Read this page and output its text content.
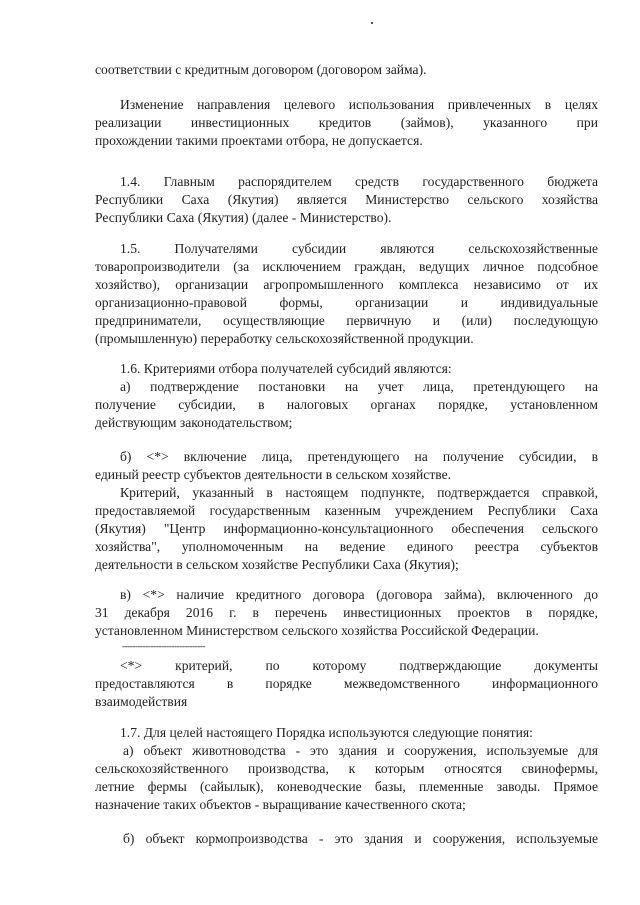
соответствии с кредитным договором (договором займа).
Изменение направления целевого использования привлеченных в целях
реализации инвестиционных кредитов (займов), указанного при
прохождении такими проектами отбора, не допускается.
1.4. Главным распорядителем средств государственного бюджета
Республики Саха (Якутия) является Министерство сельского хозяйства
Республики Саха (Якутия) (далее - Министерство).
1.5. Получателями субсидии являются сельскохозяйственные
товаропроизводители (за исключением граждан, ведущих личное подсобное
хозяйство), организации агропромышленного комплекса независимо от их
организационно-правовой формы, организации и индивидуальные
предприниматели, осуществляющие первичную и (или) последующую
(промышленную) переработку сельскохозяйственной продукции.
1.6. Критериями отбора получателей субсидий являются:
а) подтверждение постановки на учет лица, претендующего на
получение субсидии, в налоговых органах порядке, установленном
действующим законодательством;
б) <*> включение лица, претендующего на получение субсидии, в
единый реестр субъектов деятельности в сельском хозяйстве.
Критерий, указанный в настоящем подпункте, подтверждается справкой,
предоставляемой государственным казенным учреждением Республики Саха
(Якутия) "Центр информационно-консультационного обеспечения сельского
хозяйства", уполномоченным на ведение единого реестра субъектов
деятельности в сельском хозяйстве Республики Саха (Якутия);
в) <*> наличие кредитного договора (договора займа), включенного до
31 декабря 2016 г. в перечень инвестиционных проектов в порядке,
установленном Министерством сельского хозяйства Российской Федерации.
--------------------------------
<*> критерий, по которому подтверждающие документы
предоставляются в порядке межведомственного информационного
взаимодействия
1.7. Для целей настоящего Порядка используются следующие понятия:
а) объект животноводства - это здания и сооружения, используемые для
сельскохозяйственного производства, к которым относятся свинофермы,
летние фермы (сайылык), коневодческие базы, племенные заводы. Прямое
назначение таких объектов - выращивание качественного скота;
б) объект кормопроизводства - это здания и сооружения, используемые
